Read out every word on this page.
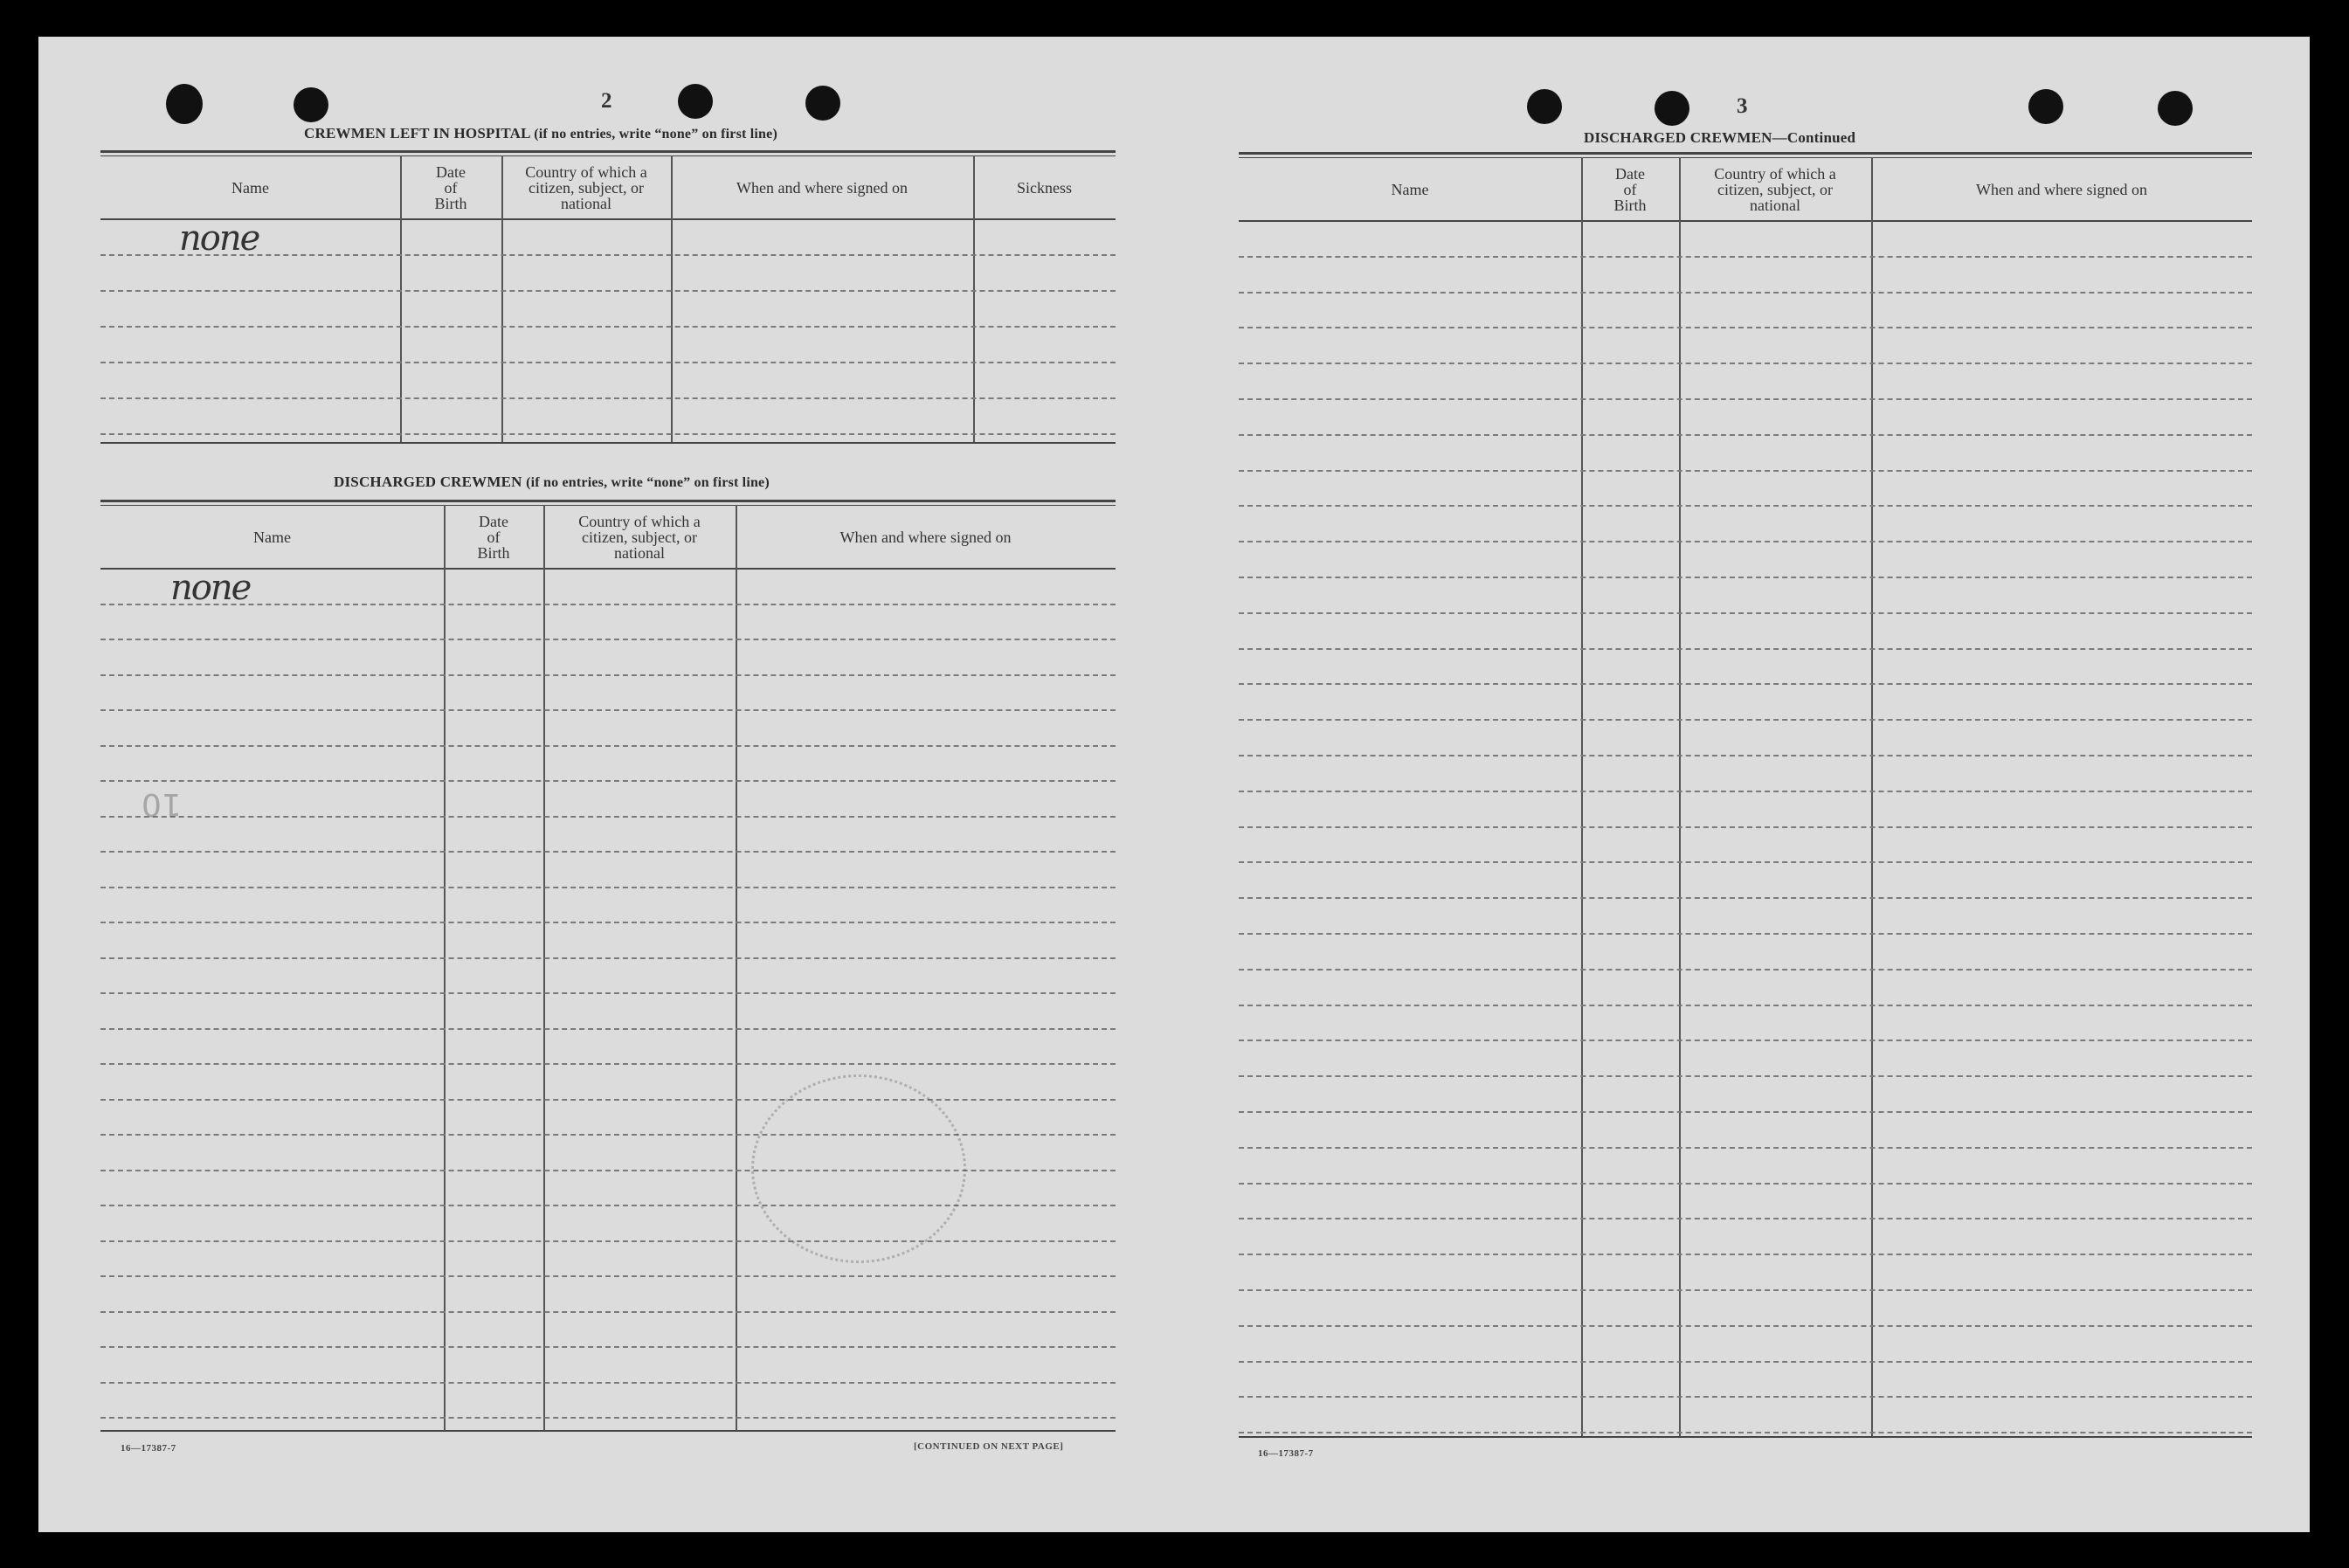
2
CREWMEN LEFT IN HOSPITAL (if no entries, write “none” on first line)
Name
Date
of
Birth
Country of which a
citizen, subject, or
national
When and where signed on	Sickness
DISCHARGED CREWMEN (if no entries, write “none” on first line)
Name
Date
of
Birth
Country of which a
citizen, subject, or
national
When and where signed on
none
none
10
16—17387-7	[CONTINUED ON NEXT PAGE]
3
DISCHARGED CREWMEN—Continued
Name
Date
of
Birth
Country of which a
citizen, subject, or
national
When and where signed on
16—17387-7
